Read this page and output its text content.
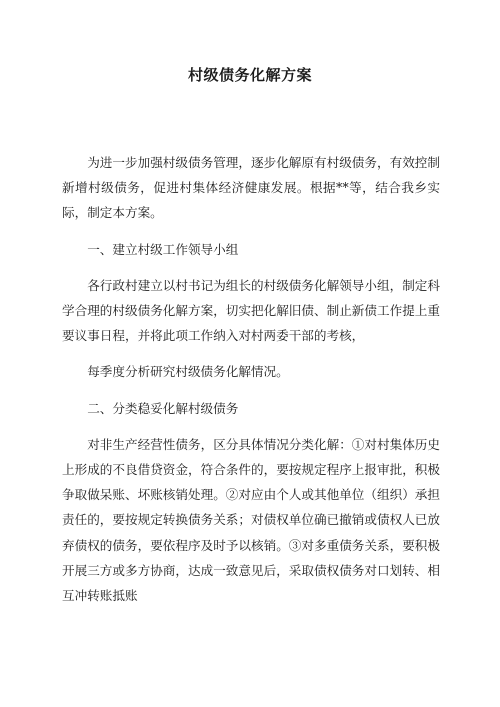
村级债务化解方案

为进一步加强村级债务管理，逐步化解原有村级债务，有效控制新增村级债务，促进村集体经济健康发展。根据**等，结合我乡实际，制定本方案。

一、建立村级工作领导小组

各行政村建立以村书记为组长的村级债务化解领导小组，制定科学合理的村级债务化解方案，切实把化解旧债、制止新债工作提上重要议事日程，并将此项工作纳入对村两委干部的考核，

每季度分析研究村级债务化解情况。

二、分类稳妥化解村级债务

对非生产经营性债务，区分具体情况分类化解：①对村集体历史上形成的不良借贷资金，符合条件的，要按规定程序上报审批，积极争取做呆账、坏账核销处理。②对应由个人或其他单位（组织）承担责任的，要按规定转换债务关系；对债权单位确已撤销或债权人已放弃债权的债务，要依程序及时予以核销。③对多重债务关系，要积极开展三方或多方协商，达成一致意见后，采取债权债务对口划转、相互冲转账抵账
